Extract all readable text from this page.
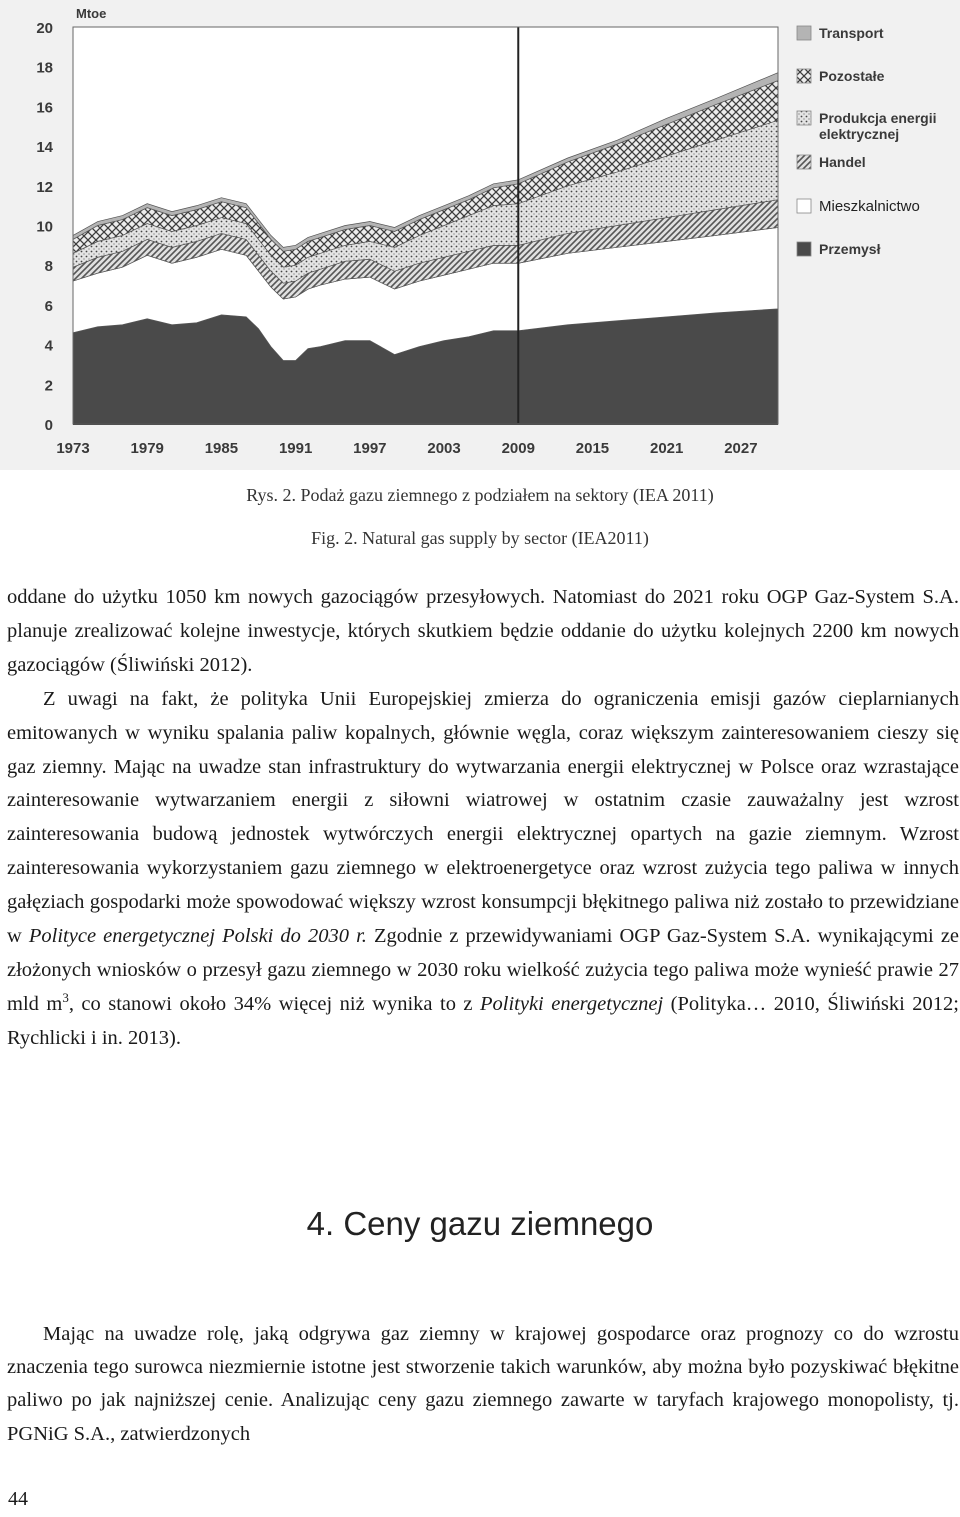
0
2
4
6
8
10
12
14
16
18
20
Mtoe
1973	1979	1985	1991	1997	2003	2009	2015	2021	2027
Transport
Pozostałe
Produkcja energii
elektrycznej
Handel
Mieszkalnictwo
Przemysł
Rys. 2. Podaż gazu ziemnego z podziałem na sektory (IEA 2011)
Fig. 2. Natural gas supply by sector (IEA2011)

oddane do użytku 1050 km nowych gazociągów przesyłowych. Natomiast do 2021 roku OGP Gaz-System S.A. planuje zrealizować kolejne inwestycje, których skutkiem będzie oddanie do użytku kolejnych 2200 km nowych gazociągów (Śliwiński 2012).

Z uwagi na fakt, że polityka Unii Europejskiej zmierza do ograniczenia emisji gazów cieplarnianych emitowanych w wyniku spalania paliw kopalnych, głównie węgla, coraz większym zainteresowaniem cieszy się gaz ziemny. Mając na uwadze stan infrastruktury do wytwarzania energii elektrycznej w Polsce oraz wzrastające zainteresowanie wytwarzaniem energii z siłowni wiatrowej w ostatnim czasie zauważalny jest wzrost zainteresowania budową jednostek wytwórczych energii elektrycznej opartych na gazie ziemnym. Wzrost zainteresowania wykorzystaniem gazu ziemnego w elektroenergetyce oraz wzrost zużycia tego paliwa w innych gałęziach gospodarki może spowodować większy wzrost konsumpcji błękitnego paliwa niż zostało to przewidziane w Polityce energetycznej Polski do 2030 r. Zgodnie z przewidywaniami OGP Gaz-System S.A. wynikającymi ze złożonych wniosków o przesył gazu ziemnego w 2030 roku wielkość zużycia tego paliwa może wynieść prawie 27 mld $m^3$, co stanowi około 34% więcej niż wynika to z Polityki energetycznej (Polityka… 2010, Śliwiński 2012; Rychlicki i in. 2013).

4. Ceny gazu ziemnego

Mając na uwadze rolę, jaką odgrywa gaz ziemny w krajowej gospodarce oraz prognozy co do wzrostu znaczenia tego surowca niezmiernie istotne jest stworzenie takich warunków, aby można było pozyskiwać błękitne paliwo po jak najniższej cenie. Analizując ceny gazu ziemnego zawarte w taryfach krajowego monopolisty, tj. PGNiG S.A., zatwierdzonych

44
